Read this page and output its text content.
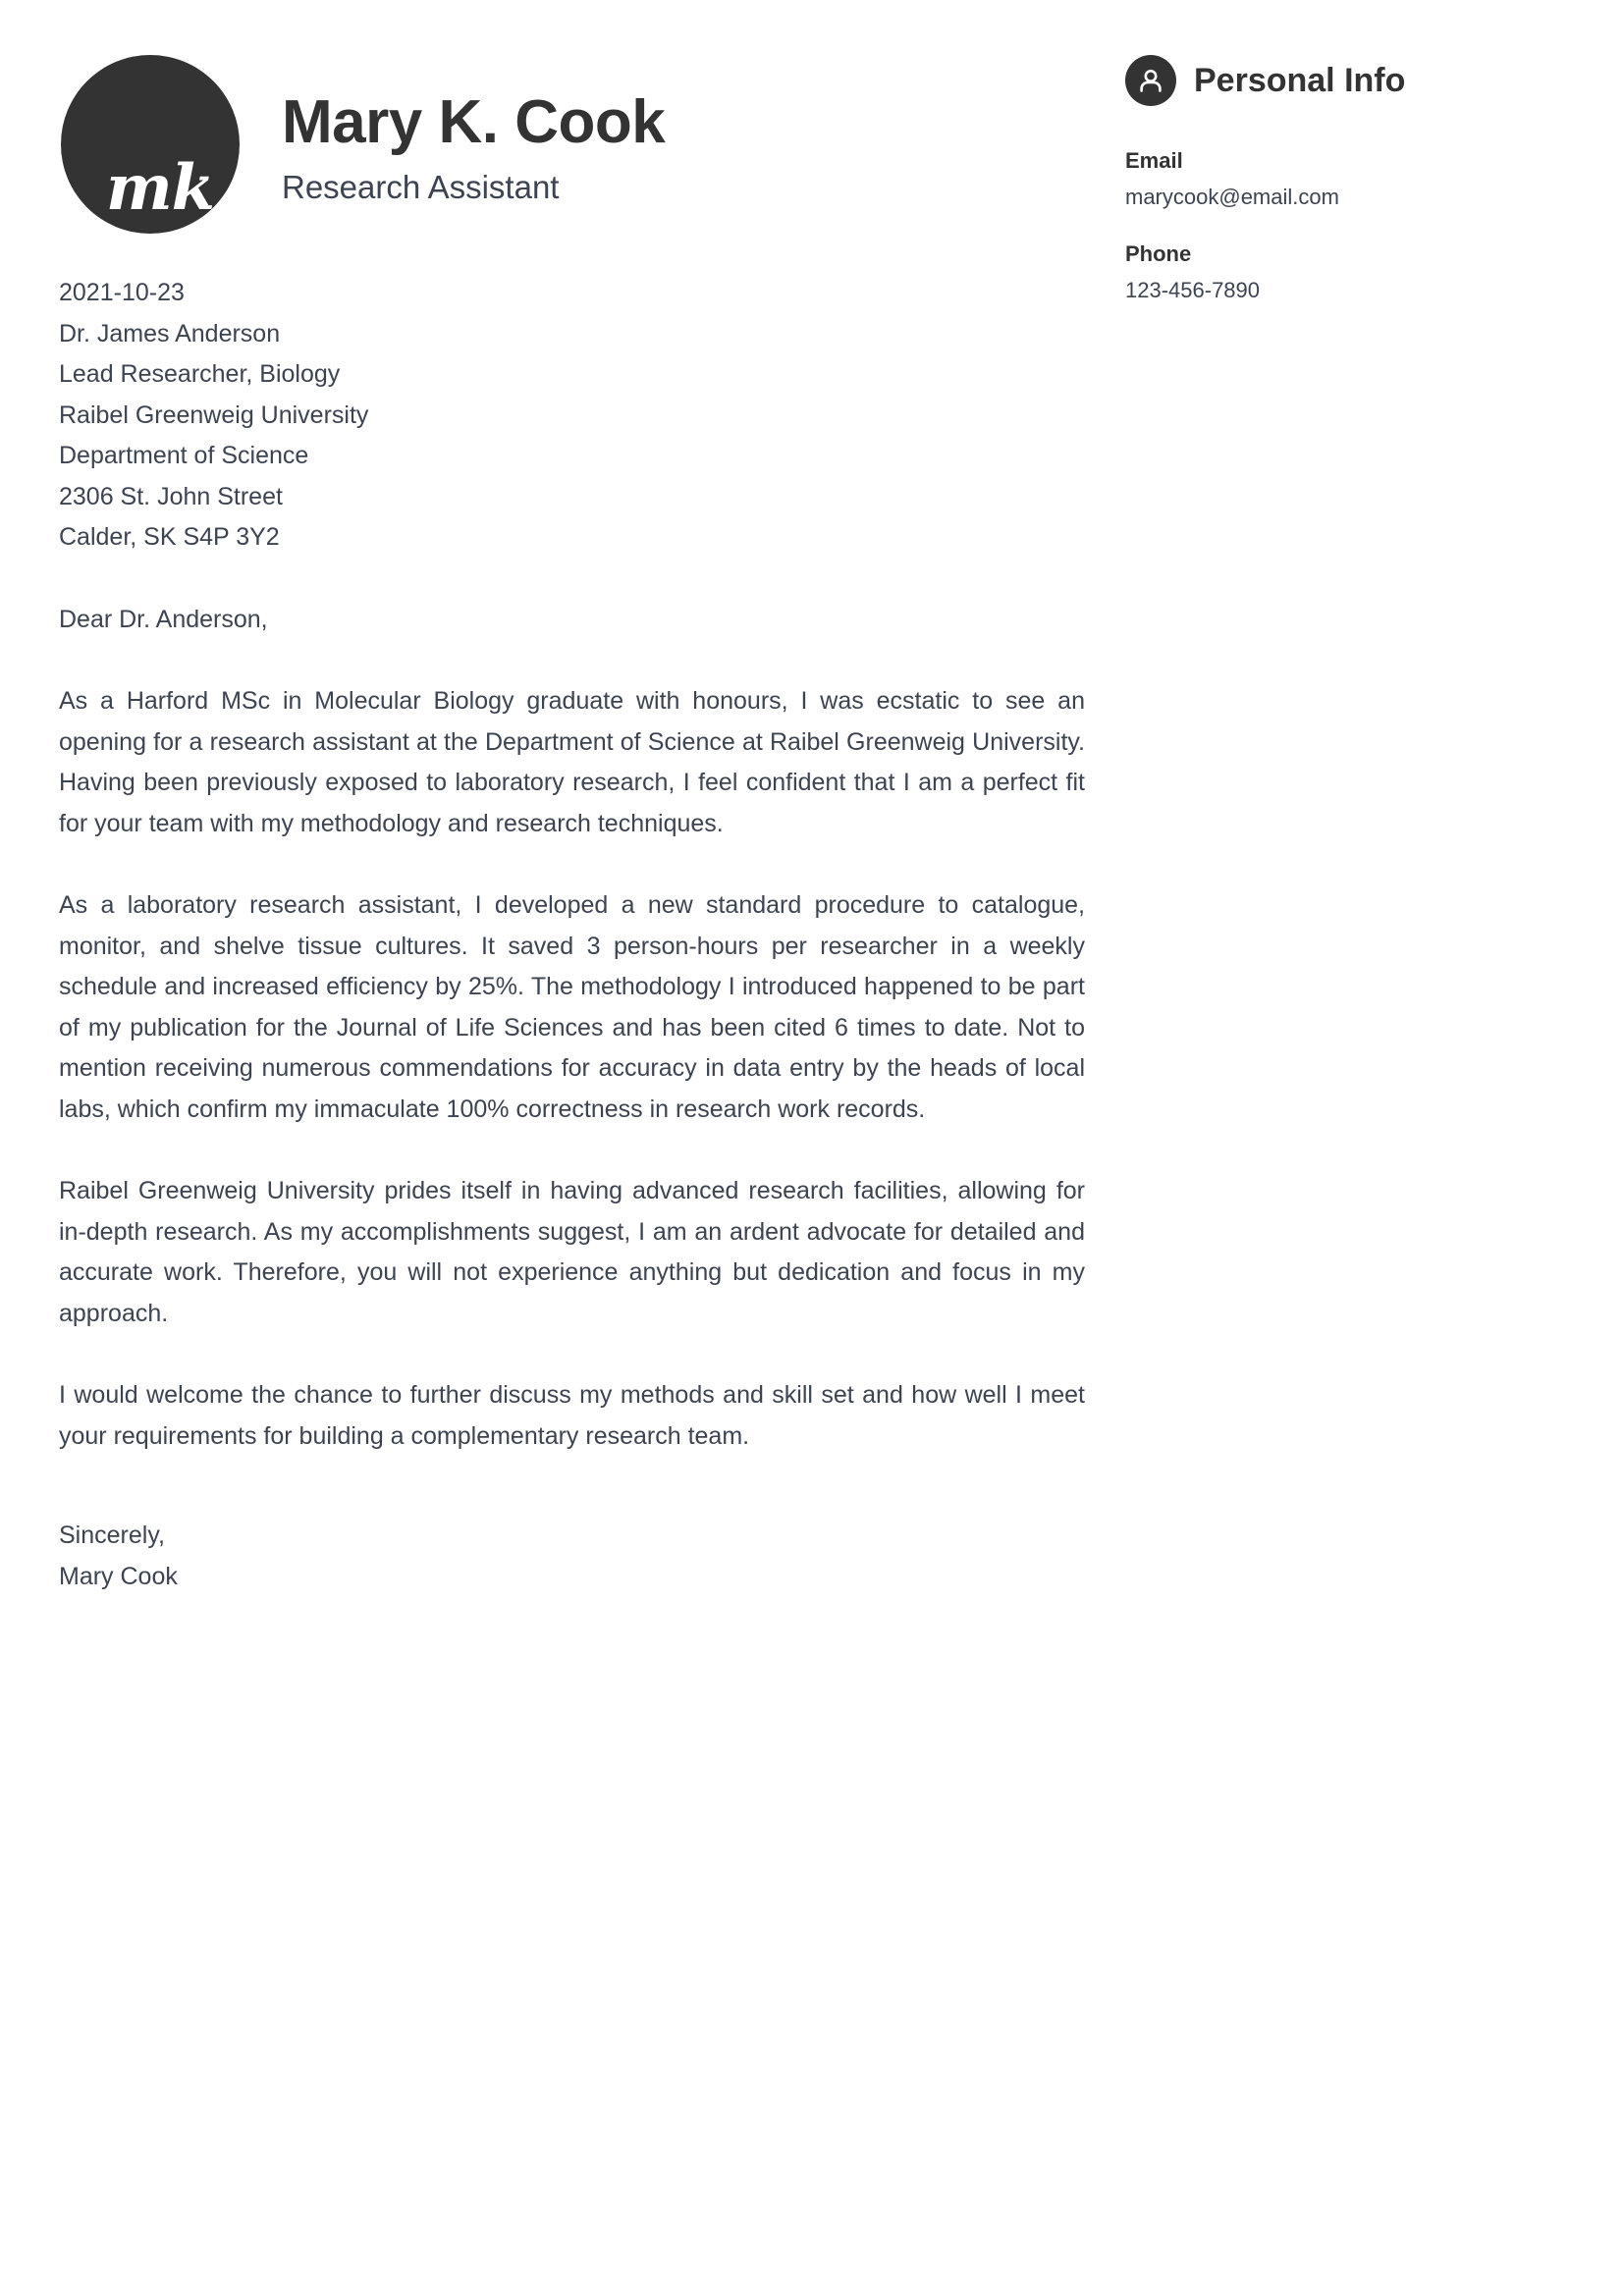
mk
Mary K. Cook

Research Assistant

Personal Info
Email
marycook@email.com
Phone
123-456-7890
2021-10-23
Dr. James Anderson
Lead Researcher, Biology
Raibel Greenweig University
Department of Science
2306 St. John Street
Calder, SK S4P 3Y2
Dear Dr. Anderson,

As a Harford MSc in Molecular Biology graduate with honours, I was ecstatic to see an opening for a research assistant at the Department of Science at Raibel Greenweig University. Having been previously exposed to laboratory research, I feel confident that I am a perfect fit for your team with my methodology and research techniques.

As a laboratory research assistant, I developed a new standard procedure to catalogue, monitor, and shelve tissue cultures. It saved 3 person-hours per researcher in a weekly schedule and increased efficiency by 25%. The methodology I introduced happened to be part of my publication for the Journal of Life Sciences and has been cited 6 times to date. Not to mention receiving numerous commendations for accuracy in data entry by the heads of local labs, which confirm my immaculate 100% correctness in research work records.

Raibel Greenweig University prides itself in having advanced research facilities, allowing for in-depth research. As my accomplishments suggest, I am an ardent advocate for detailed and accurate work. Therefore, you will not experience anything but dedication and focus in my approach.

I would welcome the chance to further discuss my methods and skill set and how well I meet your requirements for building a complementary research team.

Sincerely,
Mary Cook
